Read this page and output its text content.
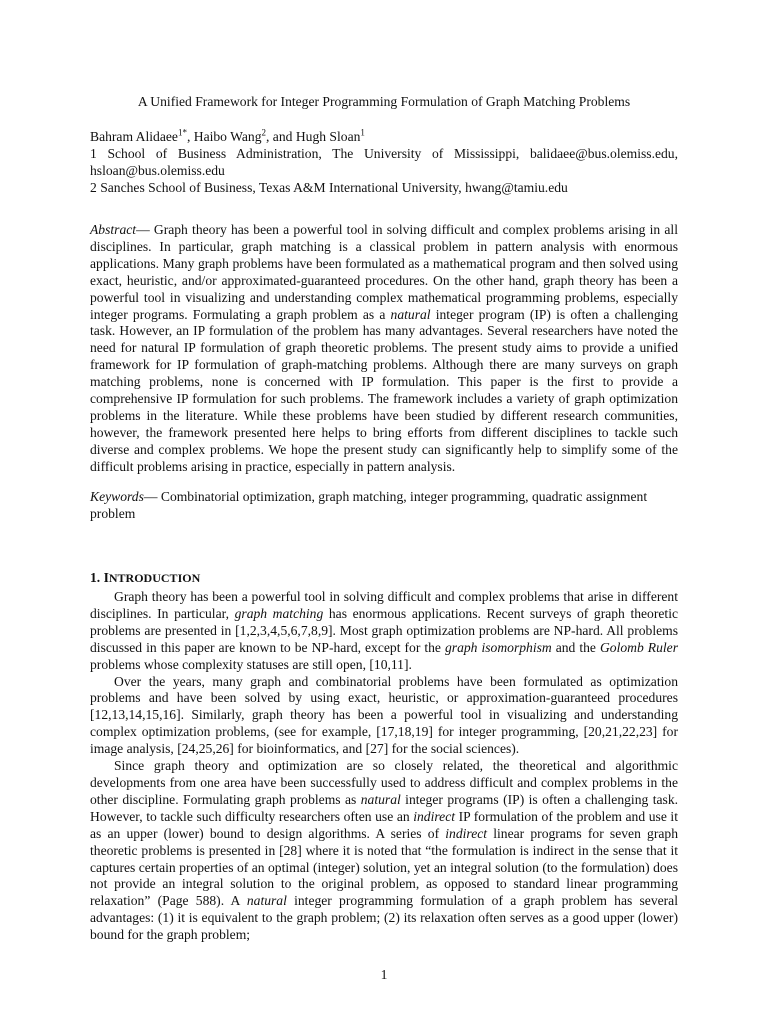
A Unified Framework for Integer Programming Formulation of Graph Matching Problems
Bahram Alidaee$^{1*}$, Haibo Wang$^2$, and Hugh Sloan$^1$
1 School of Business Administration, The University of Mississippi, balidaee@bus.olemiss.edu, hsloan@bus.olemiss.edu
2 Sanches School of Business, Texas A&M International University, hwang@tamiu.edu
Abstract— Graph theory has been a powerful tool in solving difficult and complex problems arising in all disciplines. In particular, graph matching is a classical problem in pattern analysis with enormous applications. Many graph problems have been formulated as a mathematical program and then solved using exact, heuristic, and/or approximated-guaranteed procedures. On the other hand, graph theory has been a powerful tool in visualizing and understanding complex mathematical programming problems, especially integer programs. Formulating a graph problem as a natural integer program (IP) is often a challenging task. However, an IP formulation of the problem has many advantages. Several researchers have noted the need for natural IP formulation of graph theoretic problems. The present study aims to provide a unified framework for IP formulation of graph-matching problems. Although there are many surveys on graph matching problems, none is concerned with IP formulation. This paper is the first to provide a comprehensive IP formulation for such problems. The framework includes a variety of graph optimization problems in the literature. While these problems have been studied by different research communities, however, the framework presented here helps to bring efforts from different disciplines to tackle such diverse and complex problems. We hope the present study can significantly help to simplify some of the difficult problems arising in practice, especially in pattern analysis.
Keywords— Combinatorial optimization, graph matching, integer programming, quadratic assignment problem
1. INTRODUCTION

Graph theory has been a powerful tool in solving difficult and complex problems that arise in different disciplines. In particular, graph matching has enormous applications. Recent surveys of graph theoretic problems are presented in [1,2,3,4,5,6,7,8,9]. Most graph optimization problems are NP-hard. All problems discussed in this paper are known to be NP-hard, except for the graph isomorphism and the Golomb Ruler problems whose complexity statuses are still open, [10,11].

Over the years, many graph and combinatorial problems have been formulated as optimization problems and have been solved by using exact, heuristic, or approximation-guaranteed procedures [12,13,14,15,16]. Similarly, graph theory has been a powerful tool in visualizing and understanding complex optimization problems, (see for example, [17,18,19] for integer programming, [20,21,22,23] for image analysis, [24,25,26] for bioinformatics, and [27] for the social sciences).

Since graph theory and optimization are so closely related, the theoretical and algorithmic developments from one area have been successfully used to address difficult and complex problems in the other discipline. Formulating graph problems as natural integer programs (IP) is often a challenging task. However, to tackle such difficulty researchers often use an indirect IP formulation of the problem and use it as an upper (lower) bound to design algorithms. A series of indirect linear programs for seven graph theoretic problems is presented in [28] where it is noted that “the formulation is indirect in the sense that it captures certain properties of an optimal (integer) solution, yet an integral solution (to the formulation) does not provide an integral solution to the original problem, as opposed to standard linear programming relaxation” (Page 588). A natural integer programming formulation of a graph problem has several advantages: (1) it is equivalent to the graph problem; (2) its relaxation often serves as a good upper (lower) bound for the graph problem;

1
